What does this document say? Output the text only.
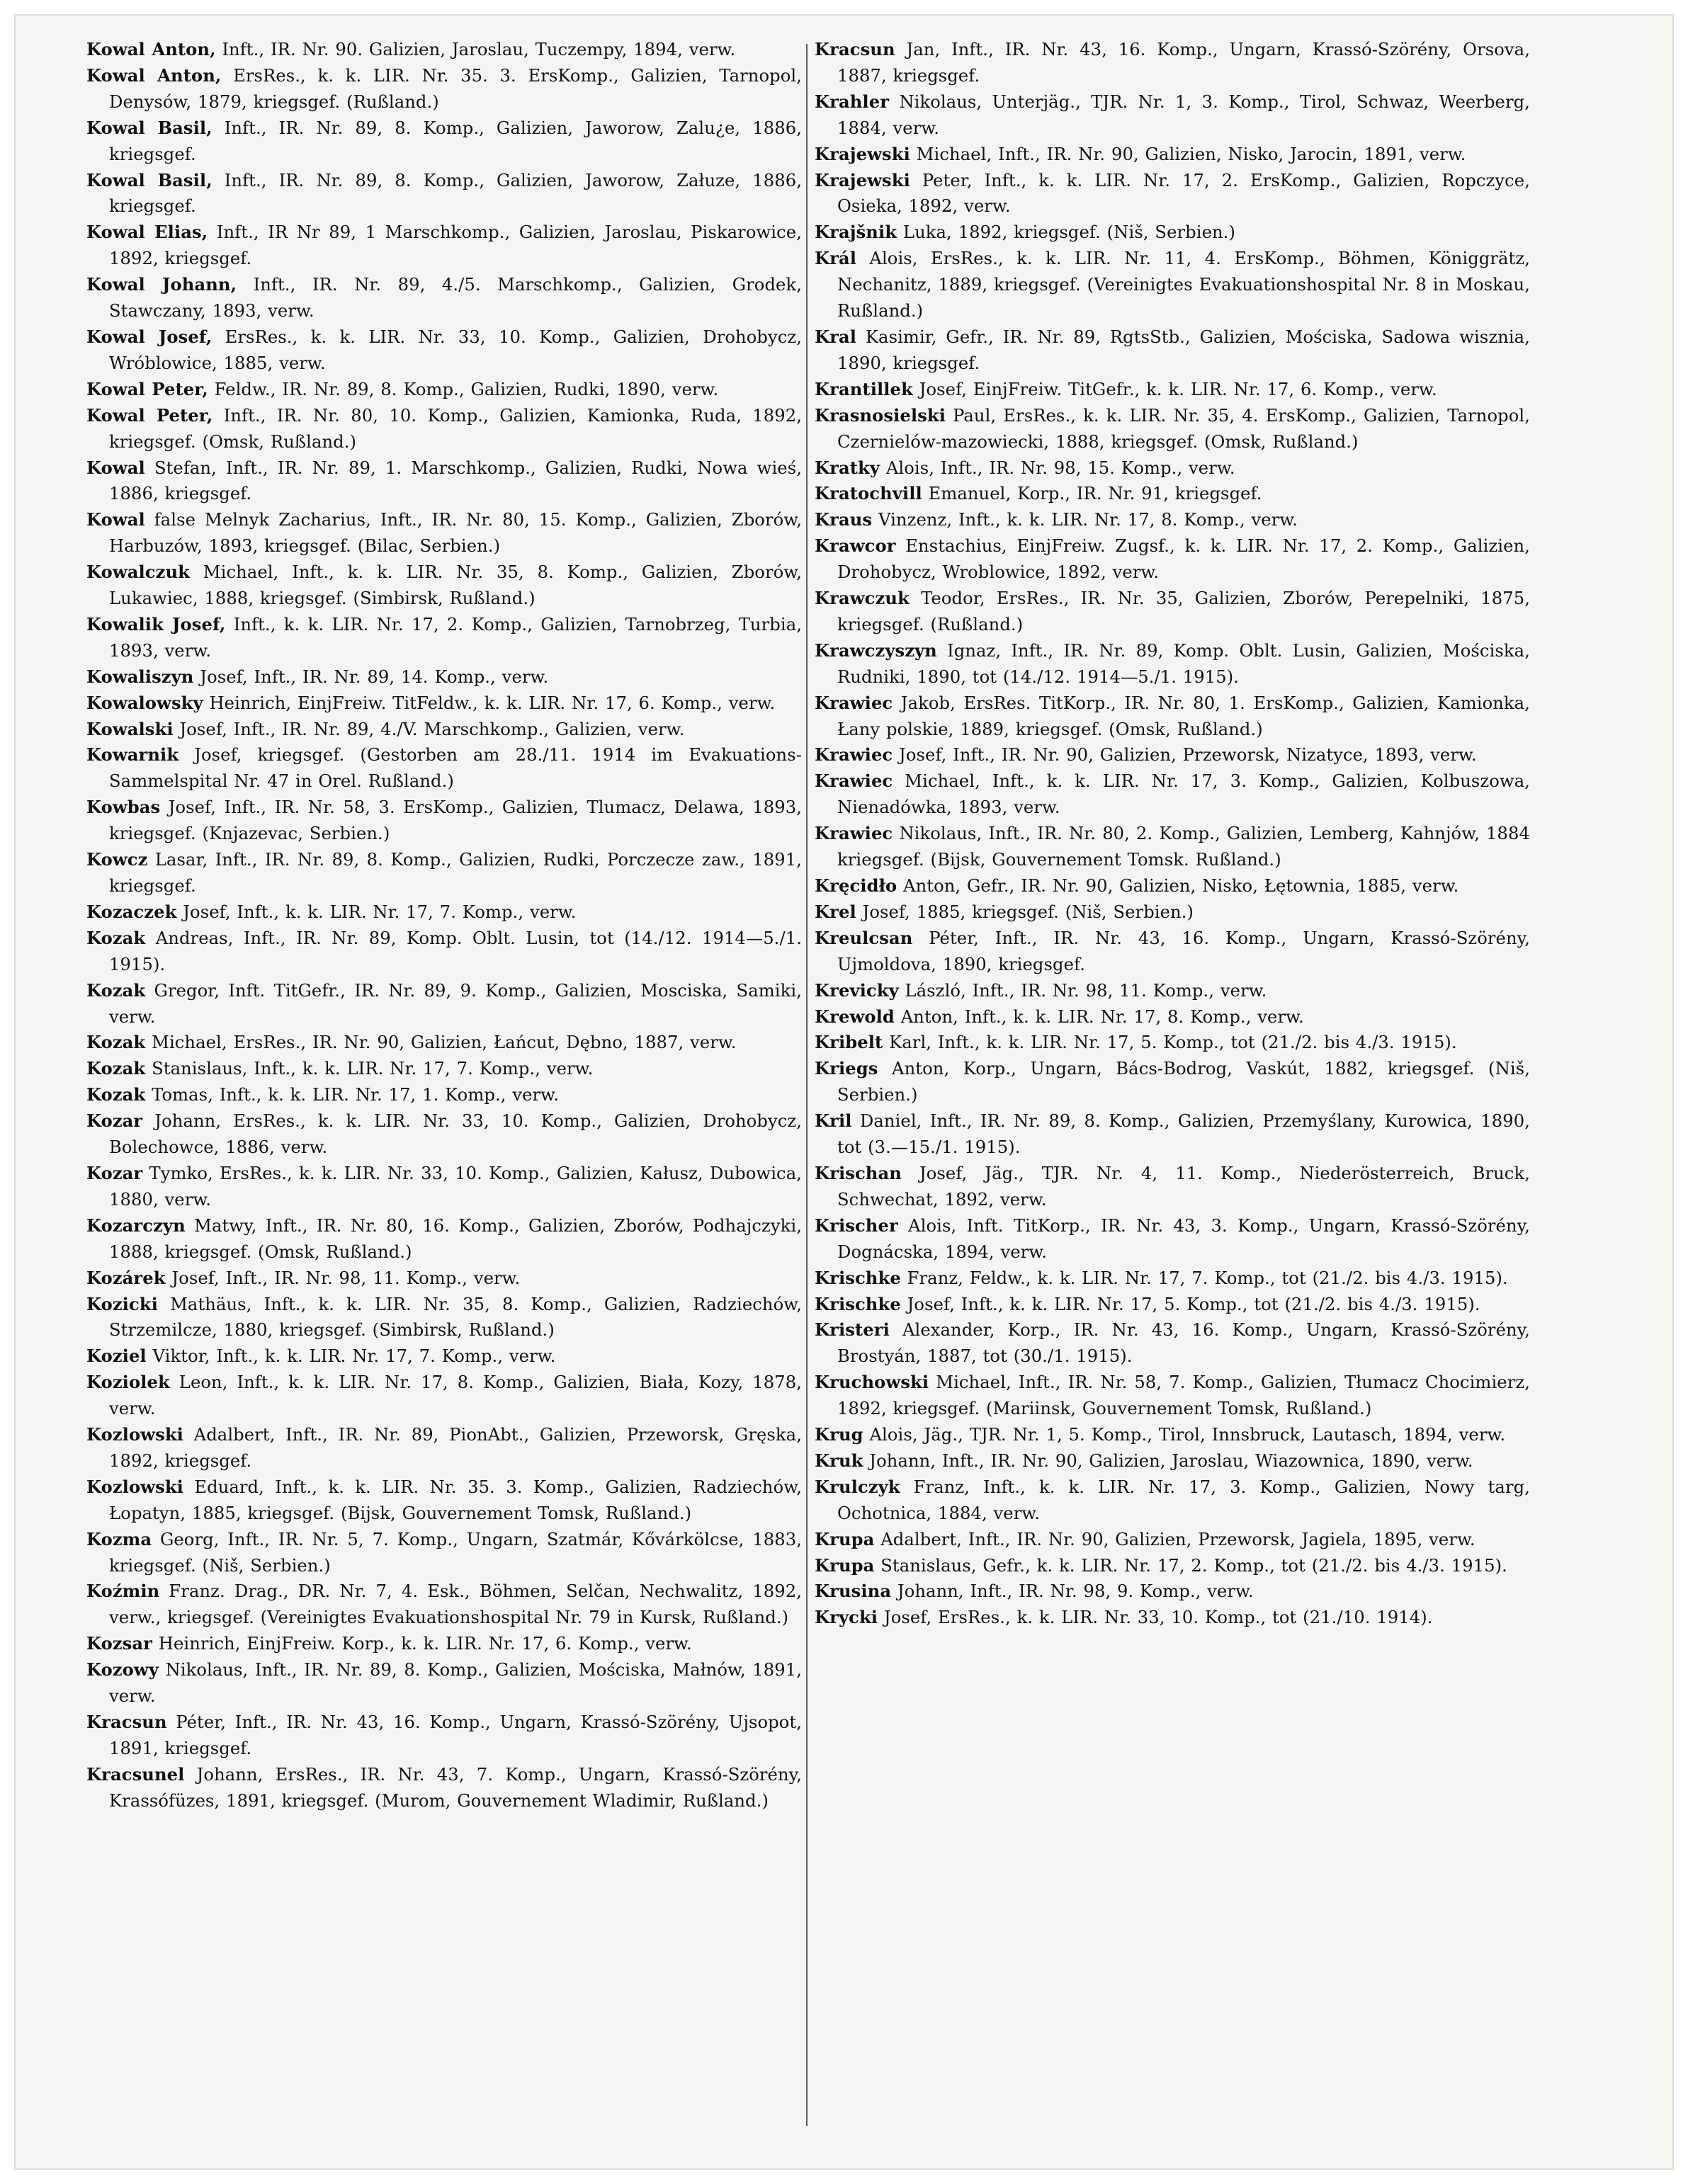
Kowal Anton, Inft., IR. Nr. 90. Galizien, Jaroslau, Tuczempy, 1894, verw.

Kowal Anton, ErsRes., k. k. LIR. Nr. 35. 3. ErsKomp., Galizien, Tarnopol, Denysów, 1879, kriegsgef. (Rußland.)

Kowal Basil, Inft., IR. Nr. 89, 8. Komp., Galizien, Jaworow, Zalu¿e, 1886, kriegsgef.

Kowal Basil, Inft., IR. Nr. 89, 8. Komp., Galizien, Jaworow, Załuze, 1886, kriegsgef.

Kowal Elias, Inft., IR Nr 89, 1 Marschkomp., Galizien, Jaroslau, Piskarowice, 1892, kriegsgef.

Kowal Johann, Inft., IR. Nr. 89, 4./5. Marschkomp., Galizien, Grodek, Stawczany, 1893, verw.

Kowal Josef, ErsRes., k. k. LIR. Nr. 33, 10. Komp., Galizien, Drohobycz, Wróblowice, 1885, verw.

Kowal Peter, Feldw., IR. Nr. 89, 8. Komp., Galizien, Rudki, 1890, verw.

Kowal Peter, Inft., IR. Nr. 80, 10. Komp., Galizien, Kamionka, Ruda, 1892, kriegsgef. (Omsk, Rußland.)

Kowal Stefan, Inft., IR. Nr. 89, 1. Marschkomp., Galizien, Rudki, Nowa wieś, 1886, kriegsgef.

Kowal false Melnyk Zacharius, Inft., IR. Nr. 80, 15. Komp., Galizien, Zborów, Harbuzów, 1893, kriegsgef. (Bilac, Serbien.)

Kowalczuk Michael, Inft., k. k. LIR. Nr. 35, 8. Komp., Galizien, Zborów, Lukawiec, 1888, kriegsgef. (Simbirsk, Rußland.)

Kowalik Josef, Inft., k. k. LIR. Nr. 17, 2. Komp., Galizien, Tarnobrzeg, Turbia, 1893, verw.

Kowaliszyn Josef, Inft., IR. Nr. 89, 14. Komp., verw.

Kowalowsky Heinrich, EinjFreiw. TitFeldw., k. k. LIR. Nr. 17, 6. Komp., verw.

Kowalski Josef, Inft., IR. Nr. 89, 4./V. Marschkomp., Galizien, verw.

Kowarnik Josef, kriegsgef. (Gestorben am 28./11. 1914 im Evakuations-Sammelspital Nr. 47 in Orel. Rußland.)

Kowbas Josef, Inft., IR. Nr. 58, 3. ErsKomp., Galizien, Tlumacz, Delawa, 1893, kriegsgef. (Knjazevac, Serbien.)

Kowcz Lasar, Inft., IR. Nr. 89, 8. Komp., Galizien, Rudki, Porczecze zaw., 1891, kriegsgef.

Kozaczek Josef, Inft., k. k. LIR. Nr. 17, 7. Komp., verw.

Kozak Andreas, Inft., IR. Nr. 89, Komp. Oblt. Lusin, tot (14./12. 1914—5./1. 1915).

Kozak Gregor, Inft. TitGefr., IR. Nr. 89, 9. Komp., Galizien, Mosciska, Samiki, verw.

Kozak Michael, ErsRes., IR. Nr. 90, Galizien, Łańcut, Dębno, 1887, verw.

Kozak Stanislaus, Inft., k. k. LIR. Nr. 17, 7. Komp., verw.

Kozak Tomas, Inft., k. k. LIR. Nr. 17, 1. Komp., verw.

Kozar Johann, ErsRes., k. k. LIR. Nr. 33, 10. Komp., Galizien, Drohobycz, Bolechowce, 1886, verw.

Kozar Tymko, ErsRes., k. k. LIR. Nr. 33, 10. Komp., Galizien, Kałusz, Dubowica, 1880, verw.

Kozarczyn Matwy, Inft., IR. Nr. 80, 16. Komp., Galizien, Zborów, Podhajczyki, 1888, kriegsgef. (Omsk, Rußland.)

Kozárek Josef, Inft., IR. Nr. 98, 11. Komp., verw.

Kozicki Mathäus, Inft., k. k. LIR. Nr. 35, 8. Komp., Galizien, Radziechów, Strzemilcze, 1880, kriegsgef. (Simbirsk, Rußland.)

Koziel Viktor, Inft., k. k. LIR. Nr. 17, 7. Komp., verw.

Koziolek Leon, Inft., k. k. LIR. Nr. 17, 8. Komp., Galizien, Biała, Kozy, 1878, verw.

Kozlowski Adalbert, Inft., IR. Nr. 89, PionAbt., Galizien, Przeworsk, Gręska, 1892, kriegsgef.

Kozlowski Eduard, Inft., k. k. LIR. Nr. 35. 3. Komp., Galizien, Radziechów, Łopatyn, 1885, kriegsgef. (Bijsk, Gouvernement Tomsk, Rußland.)

Kozma Georg, Inft., IR. Nr. 5, 7. Komp., Ungarn, Szatmár, Kővárkölcse, 1883, kriegsgef. (Niš, Serbien.)

Koźmin Franz. Drag., DR. Nr. 7, 4. Esk., Böhmen, Selčan, Nechwalitz, 1892, verw., kriegsgef. (Vereinigtes Evakuationshospital Nr. 79 in Kursk, Rußland.)

Kozsar Heinrich, EinjFreiw. Korp., k. k. LIR. Nr. 17, 6. Komp., verw.

Kozowy Nikolaus, Inft., IR. Nr. 89, 8. Komp., Galizien, Mościska, Małnów, 1891, verw.

Kracsun Péter, Inft., IR. Nr. 43, 16. Komp., Ungarn, Krassó-Szörény, Ujsopot, 1891, kriegsgef.

Kracsunel Johann, ErsRes., IR. Nr. 43, 7. Komp., Ungarn, Krassó-Szörény, Krassófüzes, 1891, kriegsgef. (Murom, Gouvernement Wladimir, Rußland.)

Kracsun Jan, Inft., IR. Nr. 43, 16. Komp., Ungarn, Krassó-Szörény, Orsova, 1887, kriegsgef.

Krahler Nikolaus, Unterjäg., TJR. Nr. 1, 3. Komp., Tirol, Schwaz, Weerberg, 1884, verw.

Krajewski Michael, Inft., IR. Nr. 90, Galizien, Nisko, Jarocin, 1891, verw.

Krajewski Peter, Inft., k. k. LIR. Nr. 17, 2. ErsKomp., Galizien, Ropczyce, Osieka, 1892, verw.

Krajšnik Luka, 1892, kriegsgef. (Niš, Serbien.)

Král Alois, ErsRes., k. k. LIR. Nr. 11, 4. ErsKomp., Böhmen, Königgrätz, Nechanitz, 1889, kriegsgef. (Vereinigtes Evakuationshospital Nr. 8 in Moskau, Rußland.)

Kral Kasimir, Gefr., IR. Nr. 89, RgtsStb., Galizien, Mościska, Sadowa wisznia, 1890, kriegsgef.

Krantillek Josef, EinjFreiw. TitGefr., k. k. LIR. Nr. 17, 6. Komp., verw.

Krasnosielski Paul, ErsRes., k. k. LIR. Nr. 35, 4. ErsKomp., Galizien, Tarnopol, Czernielów-mazowiecki, 1888, kriegsgef. (Omsk, Rußland.)

Kratky Alois, Inft., IR. Nr. 98, 15. Komp., verw.

Kratochvill Emanuel, Korp., IR. Nr. 91, kriegsgef.

Kraus Vinzenz, Inft., k. k. LIR. Nr. 17, 8. Komp., verw.

Krawcor Enstachius, EinjFreiw. Zugsf., k. k. LIR. Nr. 17, 2. Komp., Galizien, Drohobycz, Wroblowice, 1892, verw.

Krawczuk Teodor, ErsRes., IR. Nr. 35, Galizien, Zborów, Perepelniki, 1875, kriegsgef. (Rußland.)

Krawczyszyn Ignaz, Inft., IR. Nr. 89, Komp. Oblt. Lusin, Galizien, Mościska, Rudniki, 1890, tot (14./12. 1914—5./1. 1915).

Krawiec Jakob, ErsRes. TitKorp., IR. Nr. 80, 1. ErsKomp., Galizien, Kamionka, Łany polskie, 1889, kriegsgef. (Omsk, Rußland.)

Krawiec Josef, Inft., IR. Nr. 90, Galizien, Przeworsk, Nizatyce, 1893, verw.

Krawiec Michael, Inft., k. k. LIR. Nr. 17, 3. Komp., Galizien, Kolbuszowa, Nienadówka, 1893, verw.

Krawiec Nikolaus, Inft., IR. Nr. 80, 2. Komp., Galizien, Lemberg, Kahnjów, 1884 kriegsgef. (Bijsk, Gouvernement Tomsk. Rußland.)

Kręcidło Anton, Gefr., IR. Nr. 90, Galizien, Nisko, Łętownia, 1885, verw.

Krel Josef, 1885, kriegsgef. (Niš, Serbien.)

Kreulcsan Péter, Inft., IR. Nr. 43, 16. Komp., Ungarn, Krassó-Szörény, Ujmoldova, 1890, kriegsgef.

Krevicky László, Inft., IR. Nr. 98, 11. Komp., verw.

Krewold Anton, Inft., k. k. LIR. Nr. 17, 8. Komp., verw.

Kribelt Karl, Inft., k. k. LIR. Nr. 17, 5. Komp., tot (21./2. bis 4./3. 1915).

Kriegs Anton, Korp., Ungarn, Bács-Bodrog, Vaskút, 1882, kriegsgef. (Niš, Serbien.)

Kril Daniel, Inft., IR. Nr. 89, 8. Komp., Galizien, Przemyślany, Kurowica, 1890, tot (3.—15./1. 1915).

Krischan Josef, Jäg., TJR. Nr. 4, 11. Komp., Niederösterreich, Bruck, Schwechat, 1892, verw.

Krischer Alois, Inft. TitKorp., IR. Nr. 43, 3. Komp., Ungarn, Krassó-Szörény, Dognácska, 1894, verw.

Krischke Franz, Feldw., k. k. LIR. Nr. 17, 7. Komp., tot (21./2. bis 4./3. 1915).

Krischke Josef, Inft., k. k. LIR. Nr. 17, 5. Komp., tot (21./2. bis 4./3. 1915).

Kristeri Alexander, Korp., IR. Nr. 43, 16. Komp., Ungarn, Krassó-Szörény, Brostyán, 1887, tot (30./1. 1915).

Kruchowski Michael, Inft., IR. Nr. 58, 7. Komp., Galizien, Tłumacz Chocimierz, 1892, kriegsgef. (Mariinsk, Gouvernement Tomsk, Rußland.)

Krug Alois, Jäg., TJR. Nr. 1, 5. Komp., Tirol, Innsbruck, Lautasch, 1894, verw.

Kruk Johann, Inft., IR. Nr. 90, Galizien, Jaroslau, Wiazownica, 1890, verw.

Krulczyk Franz, Inft., k. k. LIR. Nr. 17, 3. Komp., Galizien, Nowy targ, Ochotnica, 1884, verw.

Krupa Adalbert, Inft., IR. Nr. 90, Galizien, Przeworsk, Jagiela, 1895, verw.

Krupa Stanislaus, Gefr., k. k. LIR. Nr. 17, 2. Komp., tot (21./2. bis 4./3. 1915).

Krusina Johann, Inft., IR. Nr. 98, 9. Komp., verw.

Krycki Josef, ErsRes., k. k. LIR. Nr. 33, 10. Komp., tot (21./10. 1914).
